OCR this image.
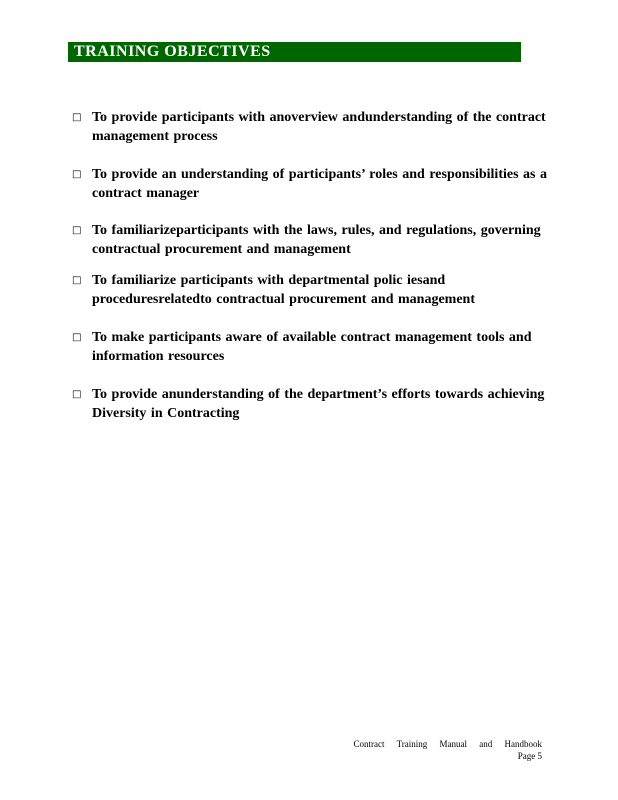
TRAINING OBJECTIVES
□ To provide participants with anoverview andunderstanding of the contract management process
□ To provide an understanding of participants’ roles and responsibilities as a contract manager
□ To familiarizeparticipants with the laws, rules, and regulations, governing contractual procurement and management
□ To familiarize participants with departmental polic iesand proceduresrelatedto contractual procurement and management
□ To make participants aware of available contract management tools and information resources
□ To provide anunderstanding of the department’s efforts towards achieving Diversity in Contracting
Contract Training Manual and Handbook
Page 5
